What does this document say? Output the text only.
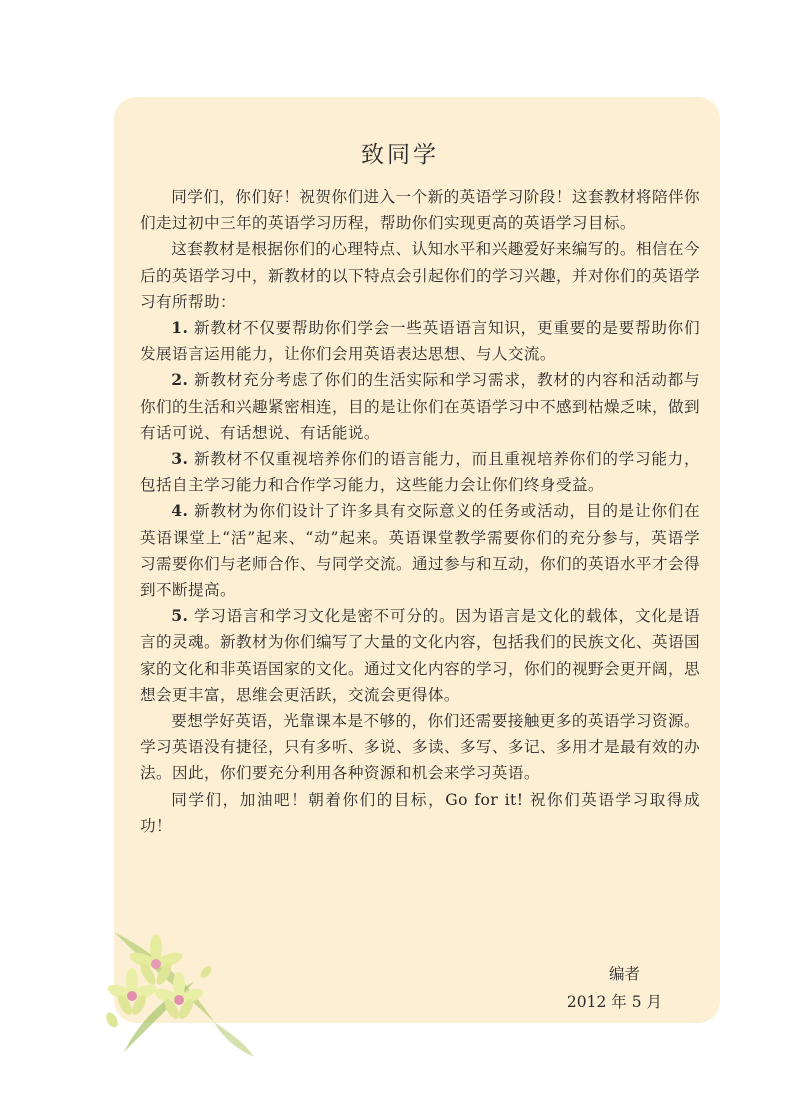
致同学

同学们，你们好！祝贺你们进入一个新的英语学习阶段！这套教材将陪伴你们走过初中三年的英语学习历程，帮助你们实现更高的英语学习目标。

这套教材是根据你们的心理特点、认知水平和兴趣爱好来编写的。相信在今后的英语学习中，新教材的以下特点会引起你们的学习兴趣，并对你们的英语学习有所帮助：

1. 新教材不仅要帮助你们学会一些英语语言知识，更重要的是要帮助你们发展语言运用能力，让你们会用英语表达思想、与人交流。

2. 新教材充分考虑了你们的生活实际和学习需求，教材的内容和活动都与你们的生活和兴趣紧密相连，目的是让你们在英语学习中不感到枯燥乏味，做到有话可说、有话想说、有话能说。

3. 新教材不仅重视培养你们的语言能力，而且重视培养你们的学习能力，包括自主学习能力和合作学习能力，这些能力会让你们终身受益。

4. 新教材为你们设计了许多具有交际意义的任务或活动，目的是让你们在英语课堂上“活”起来、“动”起来。英语课堂教学需要你们的充分参与，英语学习需要你们与老师合作、与同学交流。通过参与和互动，你们的英语水平才会得到不断提高。

5. 学习语言和学习文化是密不可分的。因为语言是文化的载体，文化是语言的灵魂。新教材为你们编写了大量的文化内容，包括我们的民族文化、英语国家的文化和非英语国家的文化。通过文化内容的学习，你们的视野会更开阔，思想会更丰富，思维会更活跃，交流会更得体。

要想学好英语，光靠课本是不够的，你们还需要接触更多的英语学习资源。学习英语没有捷径，只有多听、多说、多读、多写、多记、多用才是最有效的办法。因此，你们要充分利用各种资源和机会来学习英语。

同学们，加油吧！朝着你们的目标，Go for it! 祝你们英语学习取得成功！

编者
2012 年 5 月
